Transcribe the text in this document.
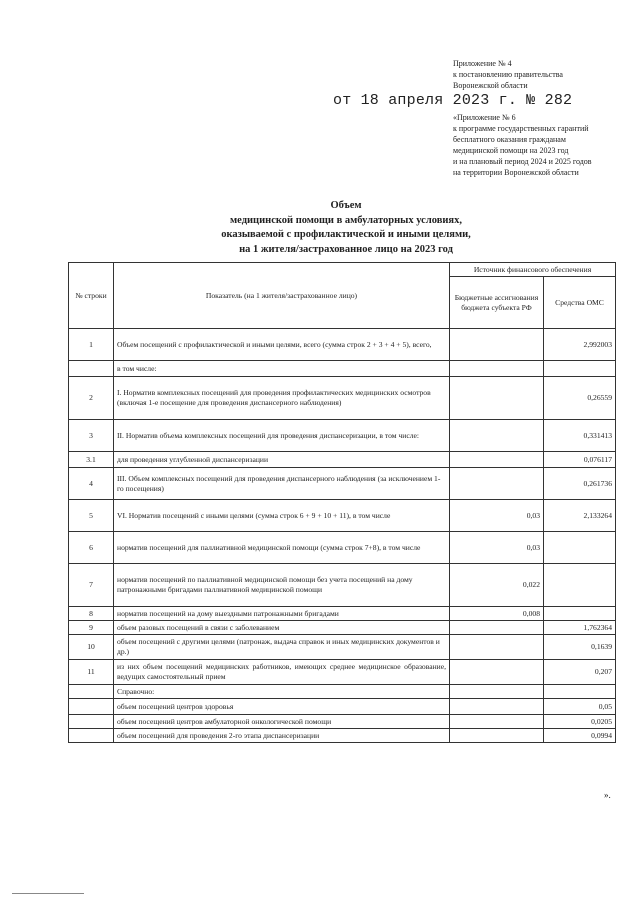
Приложение № 4
к постановлению правительства
Воронежской области
от 18 апреля 2023 г. № 282
«Приложение № 6
к программе государственных гарантий
бесплатного оказания гражданам
медицинской помощи на 2023 год
и на плановый период 2024 и 2025 годов
на территории Воронежской области
Объем
медицинской помощи в амбулаторных условиях,
оказываемой с профилактической и иными целями,
на 1 жителя/застрахованное лицо на 2023 год
№ строки	Показатель (на 1 жителя/застрахованное лицо)	Источник финансового обеспечения	
		Бюджетные ассигнования бюджета субъекта РФ	Средства ОМС
1	Объем посещений с профилактической и иными целями, всего (сумма строк 2 + 3 + 4 + 5), всего,		2,992003
	в том числе:		
2	I. Норматив комплексных посещений для проведения профилактических медицинских осмотров (включая 1-е посещение для проведения диспансерного наблюдения)		0,26559
3	II. Норматив объема комплексных посещений для проведения диспансеризации, в том числе:		0,331413
3.1	для проведения углубленной диспансеризации		0,076117
4	III. Объем комплексных посещений для проведения диспансерного наблюдения (за исключением 1-го посещения)		0,261736
5	VI. Норматив посещений с иными целями (сумма строк 6 + 9 + 10 + 11), в том числе	0,03	2,133264
6	норматив посещений для паллиативной медицинской помощи (сумма строк 7+8), в том числе	0,03	
7	норматив посещений по паллиативной медицинской помощи без учета посещений на дому патронажными бригадами паллиативной медицинской помощи	0,022	
8	норматив посещений на дому выездными патронажными бригадами	0,008	
9	объем разовых посещений в связи с заболеванием		1,762364
10	объем посещений с другими целями (патронаж, выдача справок и иных медицинских документов и др.)		0,1639
11	из них объем посещений медицинских работников, имеющих среднее медицинское образование, ведущих самостоятельный прием		0,207
	Справочно:		
	объем посещений центров здоровья		0,05
	объем посещений центров амбулаторной онкологической помощи		0,0205
	объем посещений для проведения 2-го этапа диспансеризации		0,0994
».
